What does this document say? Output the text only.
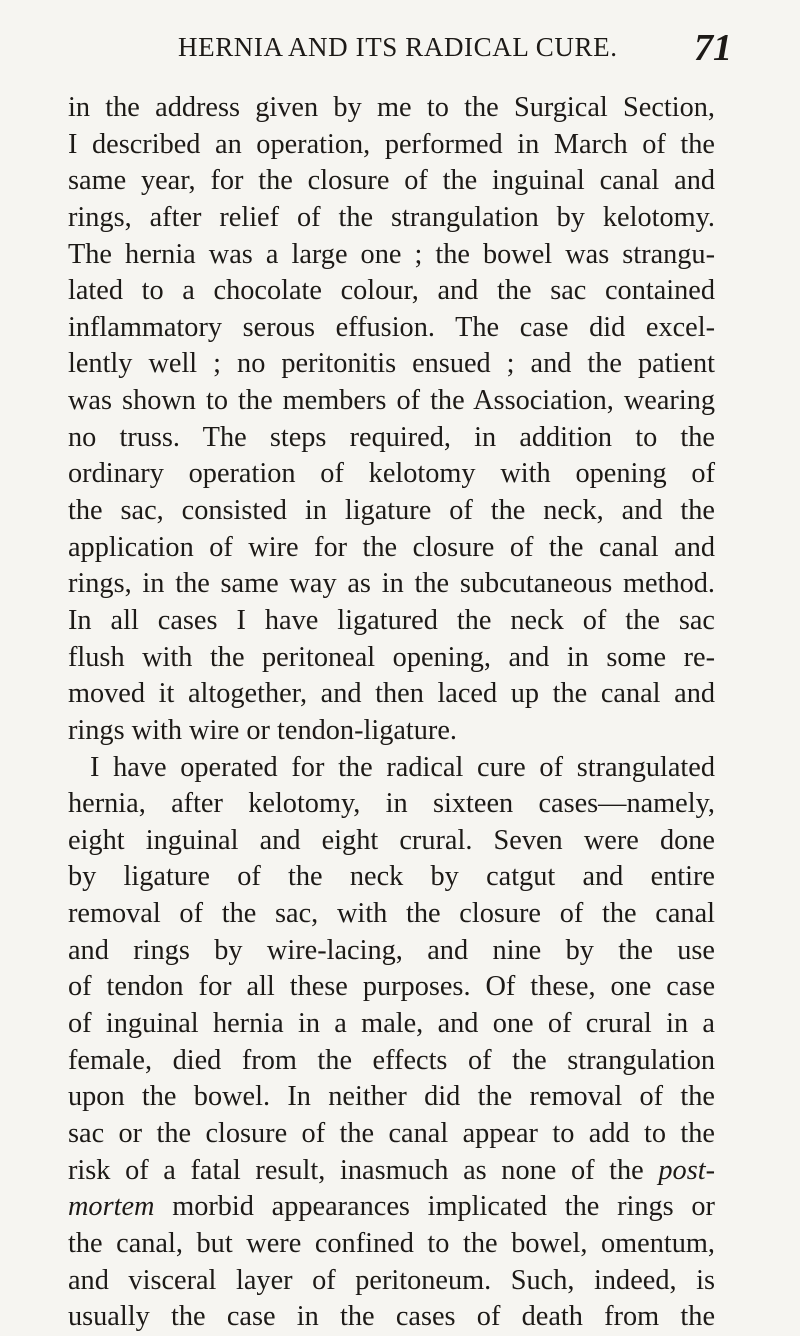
HERNIA AND ITS RADICAL CURE. 71
in the address given by me to the Surgical Section,
I described an operation, performed in March of the
same year, for the closure of the inguinal canal and
rings, after relief of the strangulation by kelotomy.
The hernia was a large one ; the bowel was strangu-
lated to a chocolate colour, and the sac contained
inflammatory serous effusion. The case did excel-
lently well ; no peritonitis ensued ; and the patient
was shown to the members of the Association, wearing
no truss. The steps required, in addition to the
ordinary operation of kelotomy with opening of
the sac, consisted in ligature of the neck, and the
application of wire for the closure of the canal and
rings, in the same way as in the subcutaneous method.
In all cases I have ligatured the neck of the sac
flush with the peritoneal opening, and in some re-
moved it altogether, and then laced up the canal and
rings with wire or tendon-ligature.
I have operated for the radical cure of strangulated
hernia, after kelotomy, in sixteen cases—namely,
eight inguinal and eight crural. Seven were done
by ligature of the neck by catgut and entire
removal of the sac, with the closure of the canal
and rings by wire-lacing, and nine by the use
of tendon for all these purposes. Of these, one case
of inguinal hernia in a male, and one of crural in a
female, died from the effects of the strangulation
upon the bowel. In neither did the removal of the
sac or the closure of the canal appear to add to the
risk of a fatal result, inasmuch as none of the post-
mortem morbid appearances implicated the rings or
the canal, but were confined to the bowel, omentum,
and visceral layer of peritoneum. Such, indeed, is
usually the case in the cases of death from the
